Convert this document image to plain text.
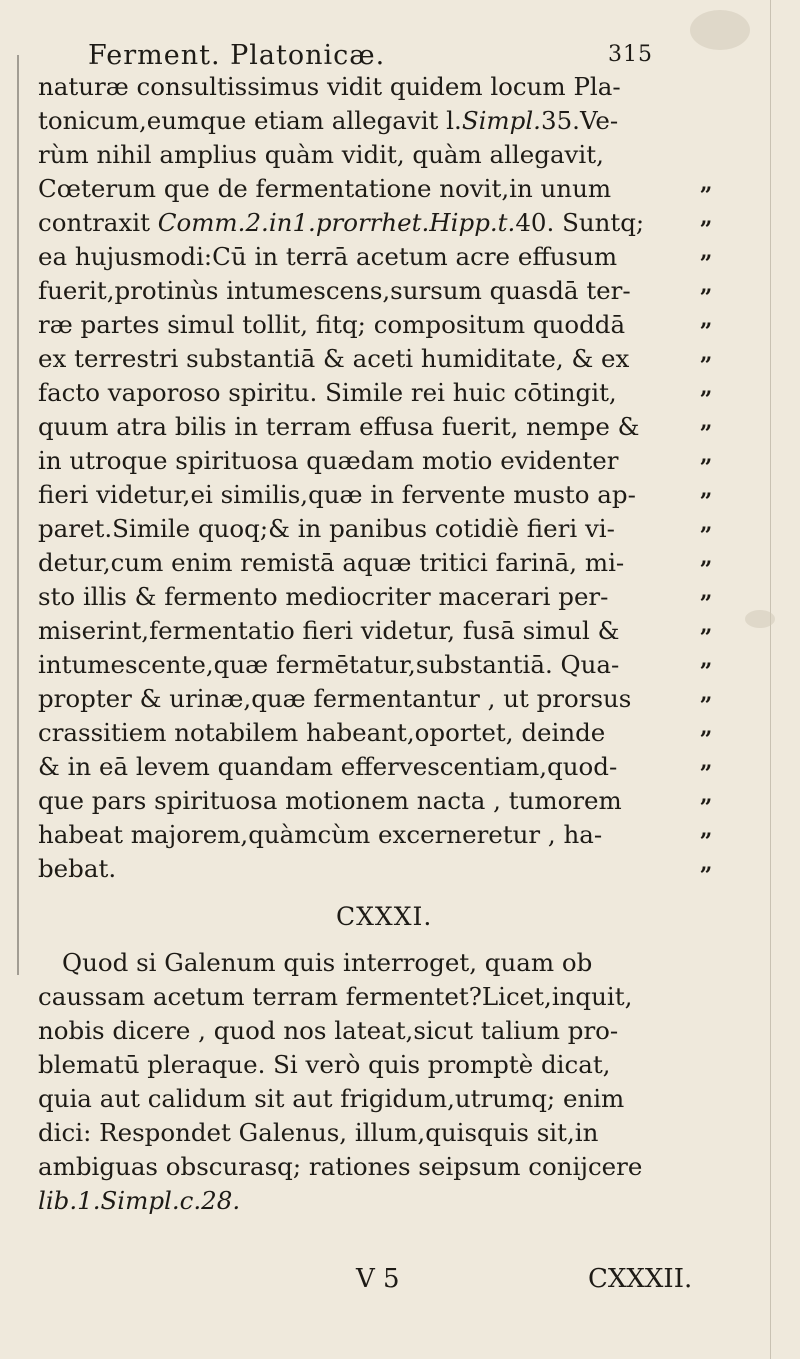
Ferment. Platonicæ.	315
naturæ consultissimus vidit quidem locum Pla-
tonicum,eumque etiam allegavit l.Simpl.35.Ve-
rùm nihil amplius quàm vidit, quàm allegavit,
Cœterum que de fermentatione novit,in unum
contraxit Comm.2.in1.prorrhet.Hipp.t.40. Suntq;
ea hujusmodi:Cū in terrā acetum acre effusum
fuerit,protinùs intumescens,sursum quasdā ter-
ræ partes simul tollit, fitq; compositum quoddā
ex terrestri substantiā & aceti humiditate, & ex
facto vaporoso spiritu. Simile rei huic cōtingit,
quum atra bilis in terram effusa fuerit, nempe &
in utroque spirituosa quædam motio evidenter
fieri videtur,ei similis,quæ in fervente musto ap-
paret.Simile quoq;& in panibus cotidiè fieri vi-
detur,cum enim remistā aquæ tritici farinā, mi-
sto illis & fermento mediocriter macerari per-
miserint,fermentatio fieri videtur, fusā simul &
intumescente,quæ fermētatur,substantiā. Qua-
propter & urinæ,quæ fermentantur , ut prorsus
crassitiem notabilem habeant,oportet, deinde
& in eā levem quandam effervescentiam,quod-
que pars spirituosa motionem nacta , tumorem
habeat majorem,quàmcùm excerneretur , ha-
bebat.
„
„
„
„
„
„
„
„
„
„
„
„
„
„
„
„
„
„
„
„
„
CXXXI.
Quod si Galenum quis interroget, quam ob
caussam acetum terram fermentet?Licet,inquit,
nobis dicere , quod nos lateat,sicut talium pro-
blematū pleraque. Si verò quis promptè dicat,
quia aut calidum sit aut frigidum,utrumq; enim
dici: Respondet Galenus, illum,quisquis sit,in
ambiguas obscurasq; rationes seipsum conijcere
lib.1.Simpl.c.28.
V 5	CXXXII.
